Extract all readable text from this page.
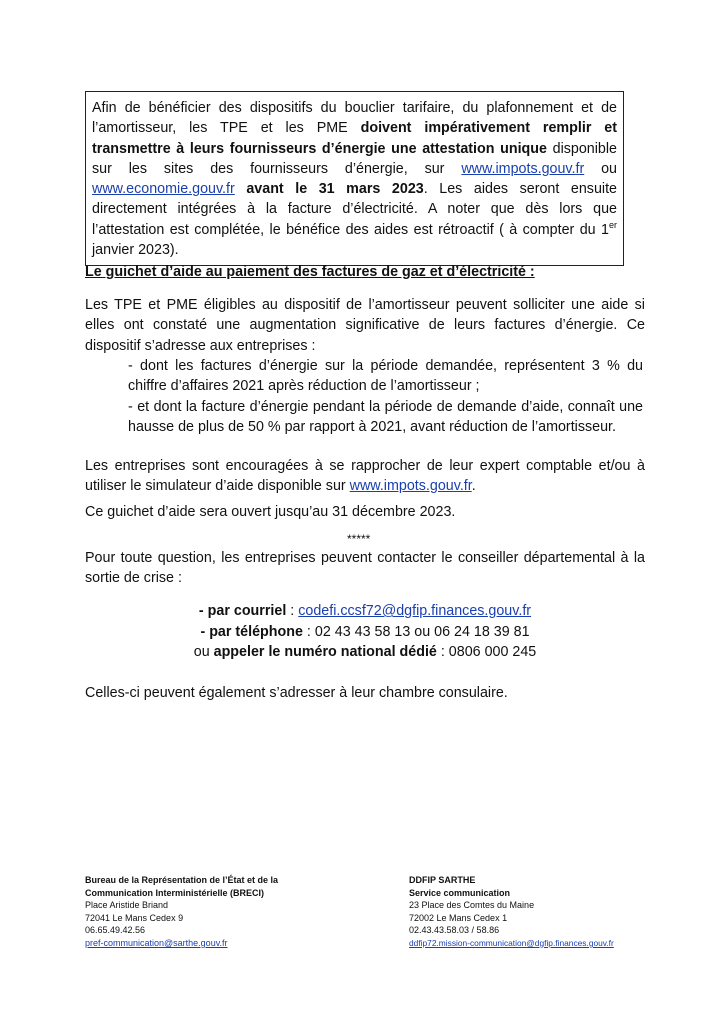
Afin de bénéficier des dispositifs du bouclier tarifaire, du plafonnement et de l’amortisseur, les TPE et les PME doivent impérativement remplir et transmettre à leurs fournisseurs d’énergie une attestation unique disponible sur les sites des fournisseurs d’énergie, sur www.impots.gouv.fr ou www.economie.gouv.fr avant le 31 mars 2023. Les aides seront ensuite directement intégrées à la facture d’électricité. A noter que dès lors que l’attestation est complétée, le bénéfice des aides est rétroactif ( à compter du 1er janvier 2023).
Le guichet d’aide au paiement des factures de gaz et d’électricité :
Les TPE et PME éligibles au dispositif de l’amortisseur peuvent solliciter une aide si elles ont constaté une augmentation significative de leurs factures d’énergie. Ce dispositif s’adresse aux entreprises :
- dont les factures d’énergie sur la période demandée, représentent 3 % du chiffre d’affaires 2021 après réduction de l’amortisseur ;
- et dont la facture d’énergie pendant la période de demande d’aide, connaît une hausse de plus de 50 % par rapport à 2021, avant réduction de l’amortisseur.
Les entreprises sont encouragées à se rapprocher de leur expert comptable et/ou à utiliser le simulateur d’aide disponible sur www.impots.gouv.fr.
Ce guichet d’aide sera ouvert jusqu’au 31 décembre 2023.
*****
Pour toute question, les entreprises peuvent contacter le conseiller départemental à la sortie de crise :
- par courriel : codefi.ccsf72@dgfip.finances.gouv.fr
- par téléphone : 02 43 43 58 13 ou 06 24 18 39 81
ou appeler le numéro national dédié : 0806 000 245
Celles-ci peuvent également s’adresser à leur chambre consulaire.
Bureau de la Représentation de l’État et de la
Communication Interministérielle (BRECI)
Place Aristide Briand
72041 Le Mans Cedex 9
06.65.49.42.56
pref-communication@sarthe.gouv.fr
DDFIP SARTHE
Service communication
23 Place des Comtes du Maine
72002 Le Mans Cedex 1
02.43.43.58.03 / 58.86
ddfip72.mission-communication@dgfip.finances.gouv.fr
